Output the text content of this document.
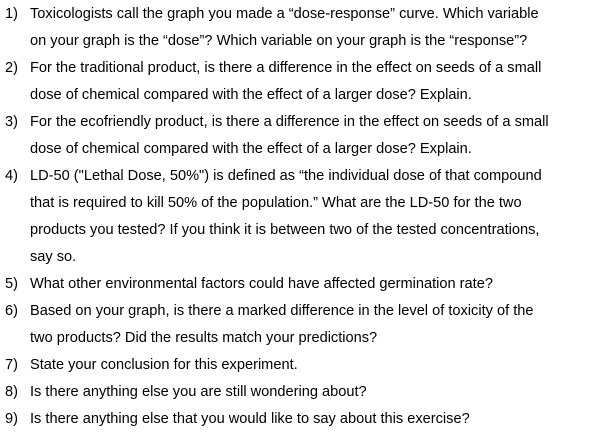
1) Toxicologists call the graph you made a “dose-response” curve. Which variable
on your graph is the “dose”? Which variable on your graph is the “response”?
2) For the traditional product, is there a difference in the effect on seeds of a small
dose of chemical compared with the effect of a larger dose? Explain.
3) For the ecofriendly product, is there a difference in the effect on seeds of a small
dose of chemical compared with the effect of a larger dose? Explain.
4) LD-50 ("Lethal Dose, 50%") is defined as “the individual dose of that compound
that is required to kill 50% of the population.” What are the LD-50 for the two
products you tested? If you think it is between two of the tested concentrations,
say so.
5) What other environmental factors could have affected germination rate?
6) Based on your graph, is there a marked difference in the level of toxicity of the
two products? Did the results match your predictions?
7) State your conclusion for this experiment.
8) Is there anything else you are still wondering about?
9) Is there anything else that you would like to say about this exercise?
